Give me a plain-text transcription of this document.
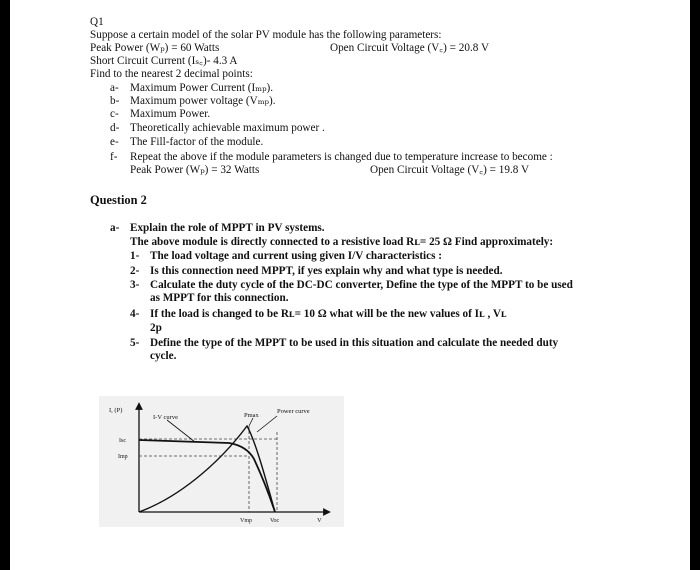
Q1
Suppose a certain model of the solar PV module has the following parameters:
Peak Power (Wₚ) = 60 Watts	Open Circuit Voltage (V꜀) = 20.8 V
Short Circuit Current (Iₛ꜀)- 4.3 A
Find to the nearest 2 decimal points:
a- Maximum Power Current (Iₘₚ).
b- Maximum power voltage (Vₘₚ).
c- Maximum Power.
d- Theoretically achievable maximum power .
e- The Fill-factor of the module.
f- Repeat the above if the module parameters is changed due to temperature increase to become :
Peak Power (Wₚ) = 32 Watts	Open Circuit Voltage (V꜀) = 19.8 V
Question 2
a- Explain the role of MPPT in PV systems.
The above module is directly connected to a resistive load Rʟ= 25 Ω Find approximately:
1- The load voltage and current using given I/V characteristics :
2- Is this connection need MPPT, if yes explain why and what type is needed.
3- Calculate the duty cycle of the DC-DC converter, Define the type of the MPPT to be used
as MPPT for this connection.
4- If the load is changed to be Rʟ= 10 Ω what will be the new values of Iʟ , Vʟ
2p
5- Define the type of the MPPT to be used in this situation and calculate the needed duty
cycle.
I, (P)
I-V curve	Pmax
Power curve
Isc
Imp
Vmp	Voc	V
